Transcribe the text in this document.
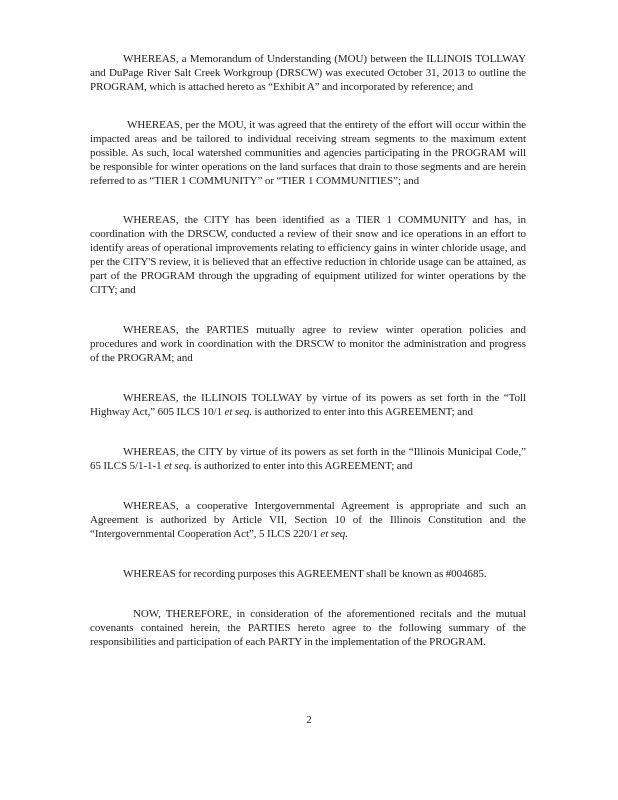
WHEREAS, a Memorandum of Understanding (MOU) between the ILLINOIS TOLLWAY and DuPage River Salt Creek Workgroup (DRSCW) was executed October 31, 2013 to outline the PROGRAM, which is attached hereto as “Exhibit A” and incorporated by reference; and

WHEREAS, per the MOU, it was agreed that the entirety of the effort will occur within the impacted areas and be tailored to individual receiving stream segments to the maximum extent possible. As such, local watershed communities and agencies participating in the PROGRAM will be responsible for winter operations on the land surfaces that drain to those segments and are herein referred to as “TIER 1 COMMUNITY” or “TIER 1 COMMUNITIES”; and

WHEREAS, the CITY has been identified as a TIER 1 COMMUNITY and has, in coordination with the DRSCW, conducted a review of their snow and ice operations in an effort to identify areas of operational improvements relating to efficiency gains in winter chloride usage, and per the CITY'S review, it is believed that an effective reduction in chloride usage can be attained, as part of the PROGRAM through the upgrading of equipment utilized for winter operations by the CITY; and

WHEREAS, the PARTIES mutually agree to review winter operation policies and procedures and work in coordination with the DRSCW to monitor the administration and progress of the PROGRAM; and

WHEREAS, the ILLINOIS TOLLWAY by virtue of its powers as set forth in the “Toll Highway Act,” 605 ILCS 10/1 et seq. is authorized to enter into this AGREEMENT; and

WHEREAS, the CITY by virtue of its powers as set forth in the “Illinois Municipal Code,” 65 ILCS 5/1-1-1 et seq. is authorized to enter into this AGREEMENT; and

WHEREAS, a cooperative Intergovernmental Agreement is appropriate and such an Agreement is authorized by Article VII, Section 10 of the Illinois Constitution and the “Intergovernmental Cooperation Act”, 5 ILCS 220/1 et seq.

WHEREAS for recording purposes this AGREEMENT shall be known as #004685.

NOW, THEREFORE, in consideration of the aforementioned recitals and the mutual covenants contained herein, the PARTIES hereto agree to the following summary of the responsibilities and participation of each PARTY in the implementation of the PROGRAM.

2
